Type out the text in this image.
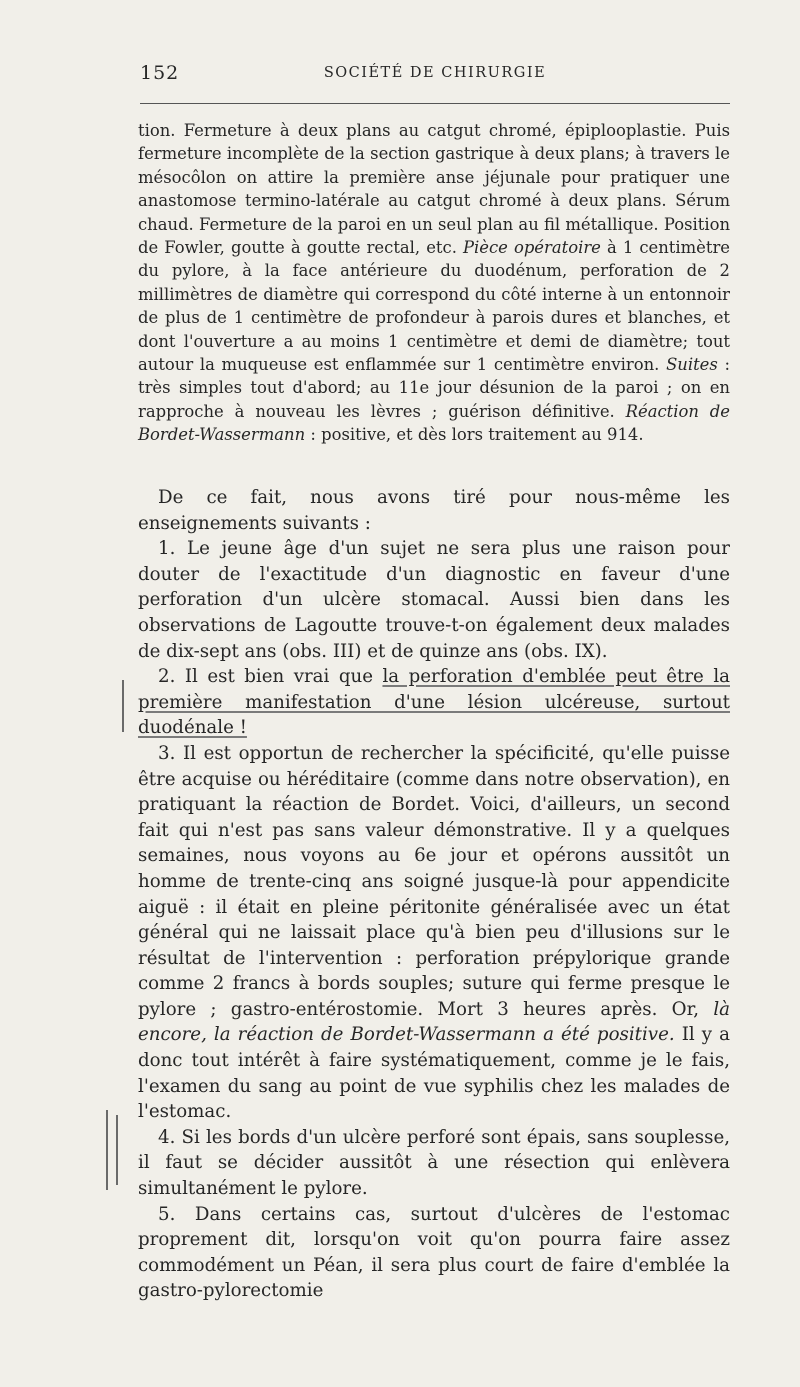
152	SOCIÉTÉ DE CHIRURGIE
tion. Fermeture à deux plans au catgut chromé, épiplooplastie. Puis fermeture incomplète de la section gastrique à deux plans; à travers le mésocôlon on attire la première anse jéjunale pour pratiquer une anastomose termino-latérale au catgut chromé à deux plans. Sérum chaud. Fermeture de la paroi en un seul plan au fil métallique. Position de Fowler, goutte à goutte rectal, etc. Pièce opératoire à 1 centimètre du pylore, à la face antérieure du duodénum, perforation de 2 millimètres de diamètre qui correspond du côté interne à un entonnoir de plus de 1 centimètre de profondeur à parois dures et blanches, et dont l'ouverture a au moins 1 centimètre et demi de diamètre; tout autour la muqueuse est enflammée sur 1 centimètre environ. Suites : très simples tout d'abord; au 11e jour désunion de la paroi ; on en rapproche à nouveau les lèvres ; guérison définitive. Réaction de Bordet-Wassermann : positive, et dès lors traitement au 914.

De ce fait, nous avons tiré pour nous-même les enseignements suivants :

1. Le jeune âge d'un sujet ne sera plus une raison pour douter de l'exactitude d'un diagnostic en faveur d'une perforation d'un ulcère stomacal. Aussi bien dans les observations de Lagoutte trouve-t-on également deux malades de dix-sept ans (obs. III) et de quinze ans (obs. IX).

2. Il est bien vrai que la perforation d'emblée peut être la première manifestation d'une lésion ulcéreuse, surtout duodénale !

3. Il est opportun de rechercher la spécificité, qu'elle puisse être acquise ou héréditaire (comme dans notre observation), en pratiquant la réaction de Bordet. Voici, d'ailleurs, un second fait qui n'est pas sans valeur démonstrative. Il y a quelques semaines, nous voyons au 6e jour et opérons aussitôt un homme de trente-cinq ans soigné jusque-là pour appendicite aiguë : il était en pleine péritonite généralisée avec un état général qui ne laissait place qu'à bien peu d'illusions sur le résultat de l'intervention : perforation prépylorique grande comme 2 francs à bords souples; suture qui ferme presque le pylore ; gastro-entérostomie. Mort 3 heures après. Or, là encore, la réaction de Bordet-Wassermann a été positive. Il y a donc tout intérêt à faire systématiquement, comme je le fais, l'examen du sang au point de vue syphilis chez les malades de l'estomac.

4. Si les bords d'un ulcère perforé sont épais, sans souplesse, il faut se décider aussitôt à une résection qui enlèvera simultanément le pylore.

5. Dans certains cas, surtout d'ulcères de l'estomac proprement dit, lorsqu'on voit qu'on pourra faire assez commodément un Péan, il sera plus court de faire d'emblée la gastro-pylorectomie
